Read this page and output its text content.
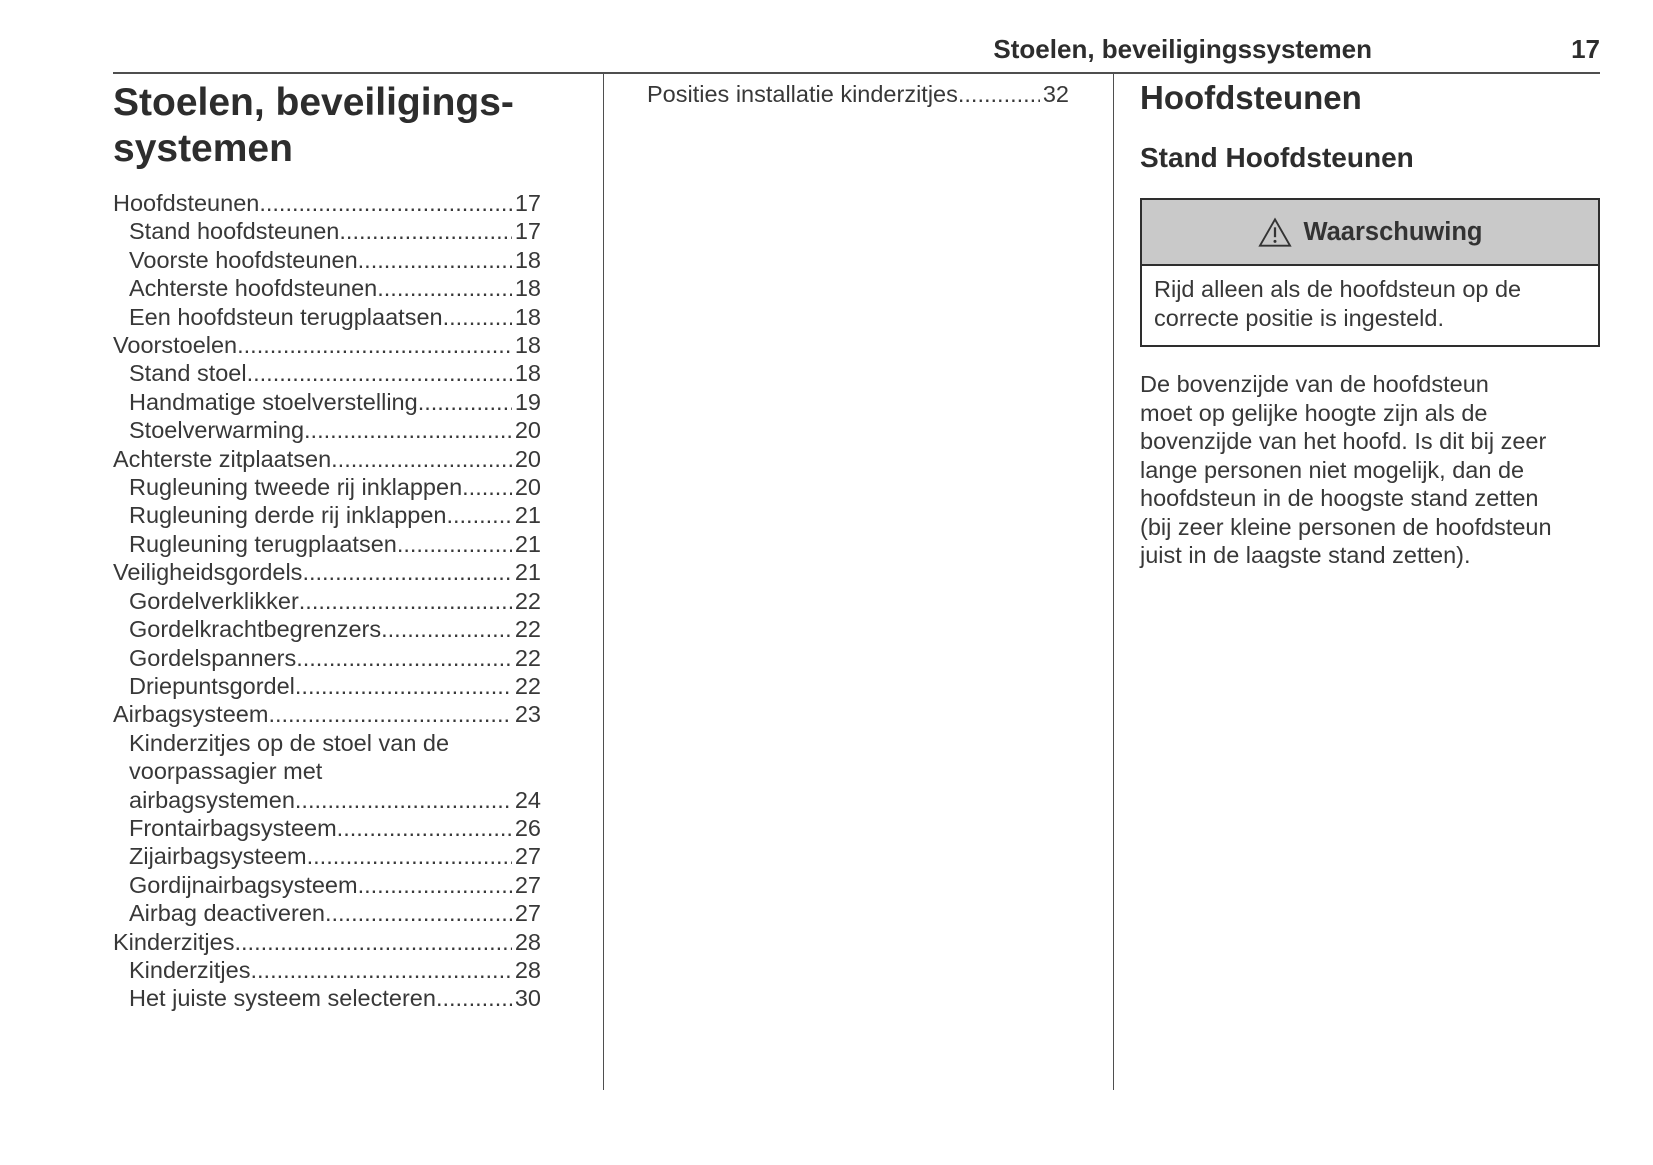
Stoelen, beveiligingssystemen	17
Stoelen, beveiligings-
systemen
Hoofdsteunen .....	17
Stand hoofdsteunen .....	17
Voorste hoofdsteunen .....	18
Achterste hoofdsteunen .....	18
Een hoofdsteun terugplaatsen .....	18
Voorstoelen .....	18
Stand stoel .....	18
Handmatige stoelverstelling .....	19
Stoelverwarming .....	20
Achterste zitplaatsen .....	20
Rugleuning tweede rij inklappen ..... 20
Rugleuning derde rij inklappen .....	21
Rugleuning terugplaatsen .....	21
Veiligheidsgordels .....	21
Gordelverklikker .....	22
Gordelkrachtbegrenzers .....	22
Gordelspanners .....	22
Driepuntsgordel .....	22
Airbagsysteem .....	23
Kinderzitjes op de stoel van de
voorpassagier met
airbagsystemen .....	24
Frontairbagsysteem .....	26
Zijairbagsysteem .....	27
Gordijnairbagsysteem .....	27
Airbag deactiveren .....	27
Kinderzitjes .....	28
Kinderzitjes .....	28
Het juiste systeem selecteren .....	30
Posities installatie kinderzitjes .....	32 Hoofdsteunen
Stand Hoofdsteunen
Waarschuwing
Rijd alleen als de hoofdsteun op de
correcte positie is ingesteld.
De bovenzijde van de hoofdsteun
moet op gelijke hoogte zijn als de
bovenzijde van het hoofd. Is dit bij zeer
lange personen niet mogelijk, dan de
hoofdsteun in de hoogste stand zetten
(bij zeer kleine personen de hoofdsteun
juist in de laagste stand zetten).
